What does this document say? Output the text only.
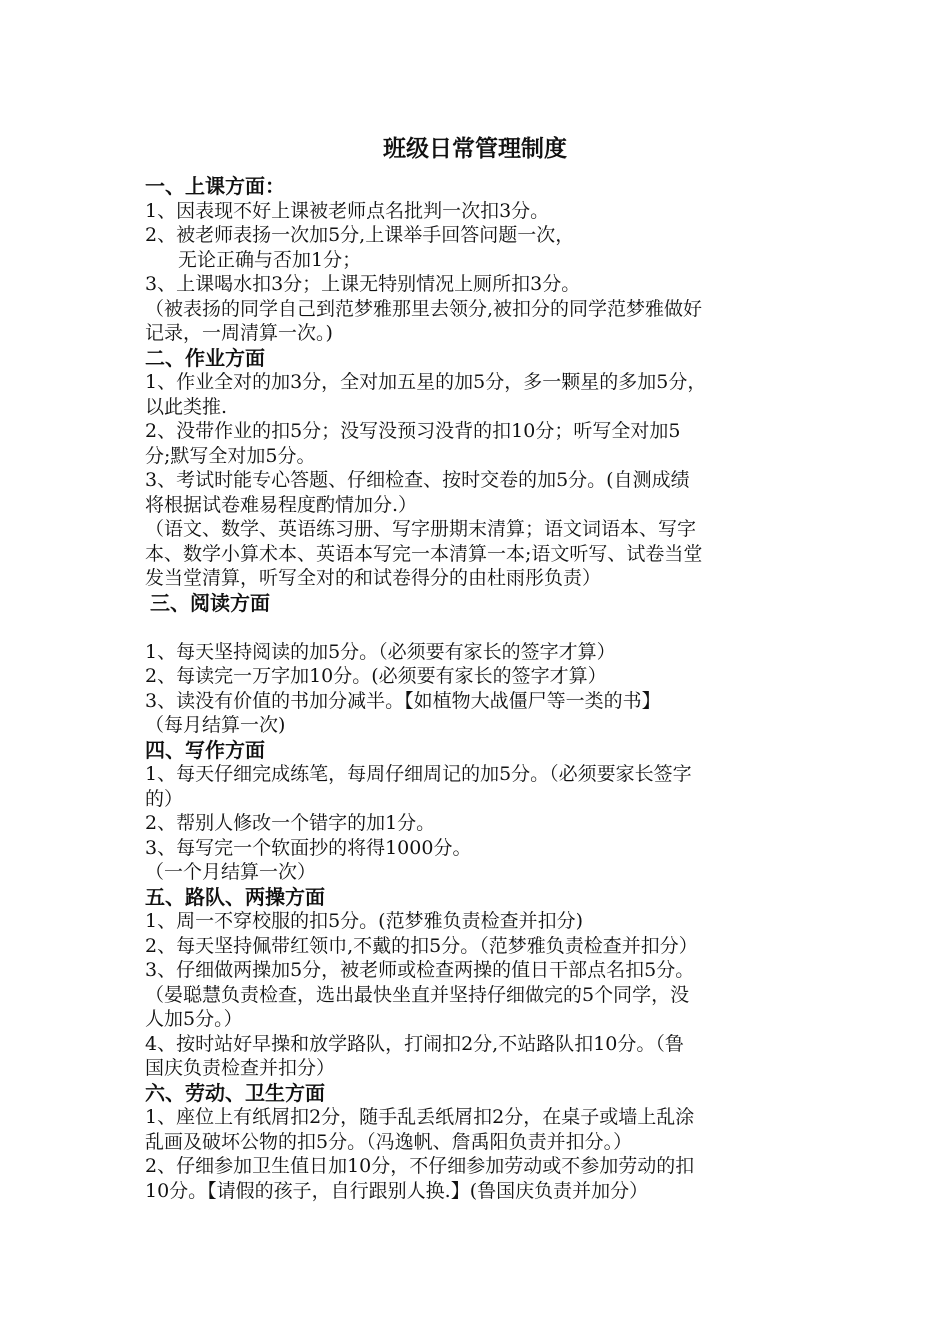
班级日常管理制度
一、上课方面：
1、因表现不好上课被老师点名批判一次扣3分。
2、被老师表扬一次加5分,上课举手回答问题一次，
无论正确与否加1分；
3、上课喝水扣3分；上课无特别情况上厕所扣3分。
（被表扬的同学自己到范梦雅那里去领分,被扣分的同学范梦雅做好
记录，一周清算一次。)
二、作业方面
1、作业全对的加3分，全对加五星的加5分，多一颗星的多加5分，
以此类推.
2、没带作业的扣5分；没写没预习没背的扣10分；听写全对加5
分;默写全对加5分。
3、考试时能专心答题、仔细检查、按时交卷的加5分。(自测成绩
将根据试卷难易程度酌情加分.）
（语文、数学、英语练习册、写字册期末清算；语文词语本、写字
本、数学小算术本、英语本写完一本清算一本;语文听写、试卷当堂
发当堂清算，听写全对的和试卷得分的由杜雨彤负责）
三、阅读方面
1、每天坚持阅读的加5分。（必须要有家长的签字才算）
2、每读完一万字加10分。(必须要有家长的签字才算）
3、读没有价值的书加分减半。【如植物大战僵尸等一类的书】
（每月结算一次)
四、写作方面
1、每天仔细完成练笔，每周仔细周记的加5分。（必须要家长签字
的）
2、帮别人修改一个错字的加1分。
3、每写完一个软面抄的将得1000分。
（一个月结算一次）
五、路队、两操方面
1、周一不穿校服的扣5分。(范梦雅负责检查并扣分)
2、每天坚持佩带红领巾,不戴的扣5分。（范梦雅负责检查并扣分）
3、仔细做两操加5分，被老师或检查两操的值日干部点名扣5分。
（晏聪慧负责检查，选出最快坐直并坚持仔细做完的5个同学，没
人加5分。）
4、按时站好早操和放学路队，打闹扣2分,不站路队扣10分。（鲁
国庆负责检查并扣分）
六、劳动、卫生方面
1、座位上有纸屑扣2分，随手乱丢纸屑扣2分，在桌子或墙上乱涂
乱画及破坏公物的扣5分。（冯逸帆、詹禹阳负责并扣分。）
2、仔细参加卫生值日加10分，不仔细参加劳动或不参加劳动的扣
10分。【请假的孩子，自行跟别人换.】(鲁国庆负责并加分）
